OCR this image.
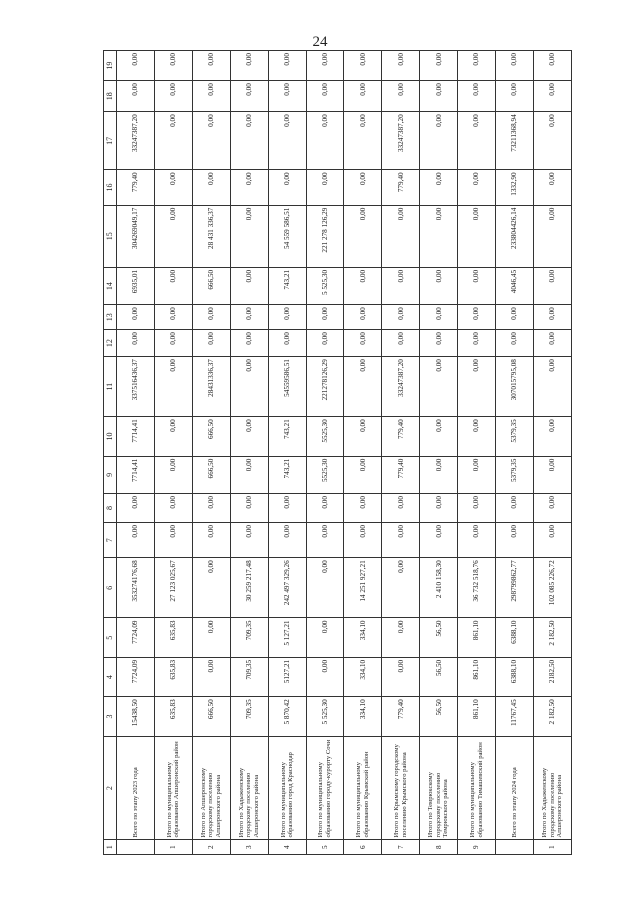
24
1	2	3	4	5	6	7	8	9	10	11	12	13	14	15	16	17	18	19
	Всего по этапу 2023 года	15438,50	7724,09	7724,09	353274176,68	0,00	0,00	7714,41	7714,41	337516436,37	0,00	0,00	6935,01	304269049,17	779,40	33247387,20	0,00	0,00
1	Итого по муниципальному образованию Апшеронский район	635,83	635,83	635,83	27 123 025,67	0,00	0,00	0,00	0,00	0,00	0,00	0,00	0,00	0,00	0,00	0,00	0,00	0,00
2	Итого по Апшеронскому городскому поселению Апшеронского района	666,50	0,00	0,00	0,00	0,00	0,00	666,50	666,50	28431336,37	0,00	0,00	666,50	28 431 336,37	0,00	0,00	0,00	0,00
3	Итого по Хадыженскому городскому поселению Апшеронского района	709,35	709,35	709,35	30 259 217,48	0,00	0,00	0,00	0,00	0,00	0,00	0,00	0,00	0,00	0,00	0,00	0,00	0,00
4	Итого по муниципальному образованию город Краснодар	5 870,42	5127,21	5 127,21	242 497 329,26	0,00	0,00	743,21	743,21	54559586,51	0,00	0,00	743,21	54 559 586,51	0,00	0,00	0,00	0,00
5	Итого по муниципальному образованию городу-курорту Сочи	5 525,30	0,00	0,00	0,00	0,00	0,00	5525,30	5525,30	221278126,29	0,00	0,00	5 525,30	221 278 126,29	0,00	0,00	0,00	0,00
6	Итого по муниципальному образованию Крымский район	334,10	334,10	334,10	14 251 927,21	0,00	0,00	0,00	0,00	0,00	0,00	0,00	0,00	0,00	0,00	0,00	0,00	0,00
7	Итого по Крымскому городскому поселению Крымского района	779,40	0,00	0,00	0,00	0,00	0,00	779,40	779,40	33247387,20	0,00	0,00	0,00	0,00	779,40	33247387,20	0,00	0,00
8	Итого по Темрюкскому городскому поселению Темрюкского района	56,50	56,50	56,50	2 410 158,30	0,00	0,00	0,00	0,00	0,00	0,00	0,00	0,00	0,00	0,00	0,00	0,00	0,00
9	Итого по муниципальному образованию Тимашевский район	861,10	861,10	861,10	36 732 518,76	0,00	0,00	0,00	0,00	0,00	0,00	0,00	0,00	0,00	0,00	0,00	0,00	0,00
	Всего по этапу 2024 года	11767,45	6388,10	6388,10	298799862,77	0,00	0,00	5379,35	5379,35	307015795,08	0,00	0,00	4046,45	233804426,14	1332,90	73211368,94	0,00	0,00
1	Итого по Хадыженскому городскому поселению Апшеронского района	2 182,50	2182,50	2 182,50	102 085 226,72	0,00	0,00	0,00	0,00	0,00	0,00	0,00	0,00	0,00	0,00	0,00	0,00	0,00
